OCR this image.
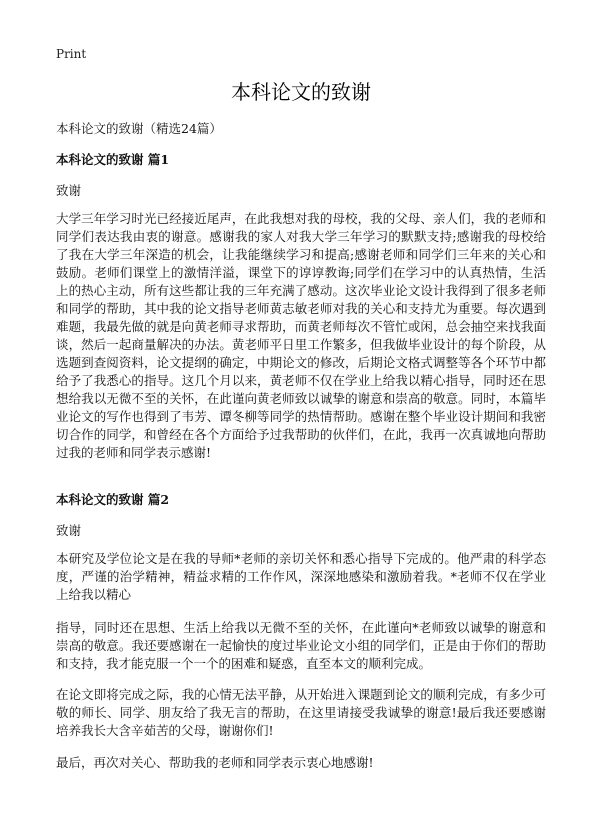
Print
本科论文的致谢
本科论文的致谢（精选24篇）
本科论文的致谢 篇1
致谢

大学三年学习时光已经接近尾声，在此我想对我的母校，我的父母、亲人们，我的老师和同学们表达我由衷的谢意。感谢我的家人对我大学三年学习的默默支持;感谢我的母校给了我在大学三年深造的机会，让我能继续学习和提高;感谢老师和同学们三年来的关心和鼓励。老师们课堂上的激情洋溢，课堂下的谆谆教诲;同学们在学习中的认真热情，生活上的热心主动，所有这些都让我的三年充满了感动。这次毕业论文设计我得到了很多老师和同学的帮助，其中我的论文指导老师黄志敏老师对我的关心和支持尤为重要。每次遇到难题，我最先做的就是向黄老师寻求帮助，而黄老师每次不管忙或闲，总会抽空来找我面谈，然后一起商量解决的办法。黄老师平日里工作繁多，但我做毕业设计的每个阶段，从选题到查阅资料，论文提纲的确定，中期论文的修改，后期论文格式调整等各个环节中都给予了我悉心的指导。这几个月以来，黄老师不仅在学业上给我以精心指导，同时还在思想给我以无微不至的关怀，在此谨向黄老师致以诚挚的谢意和崇高的敬意。同时，本篇毕业论文的写作也得到了韦芳、谭冬柳等同学的热情帮助。感谢在整个毕业设计期间和我密切合作的同学，和曾经在各个方面给予过我帮助的伙伴们，在此，我再一次真诚地向帮助过我的老师和同学表示感谢!

本科论文的致谢 篇2
致谢

本研究及学位论文是在我的导师*老师的亲切关怀和悉心指导下完成的。他严肃的科学态度，严谨的治学精神，精益求精的工作作风，深深地感染和激励着我。*老师不仅在学业上给我以精心

指导，同时还在思想、生活上给我以无微不至的关怀，在此谨向*老师致以诚挚的谢意和崇高的敬意。我还要感谢在一起愉快的度过毕业论文小组的同学们，正是由于你们的帮助和支持，我才能克服一个一个的困难和疑惑，直至本文的顺利完成。

在论文即将完成之际，我的心情无法平静，从开始进入课题到论文的顺利完成，有多少可敬的师长、同学、朋友给了我无言的帮助，在这里请接受我诚挚的谢意!最后我还要感谢培养我长大含辛茹苦的父母，谢谢你们!

最后，再次对关心、帮助我的老师和同学表示衷心地感谢!
